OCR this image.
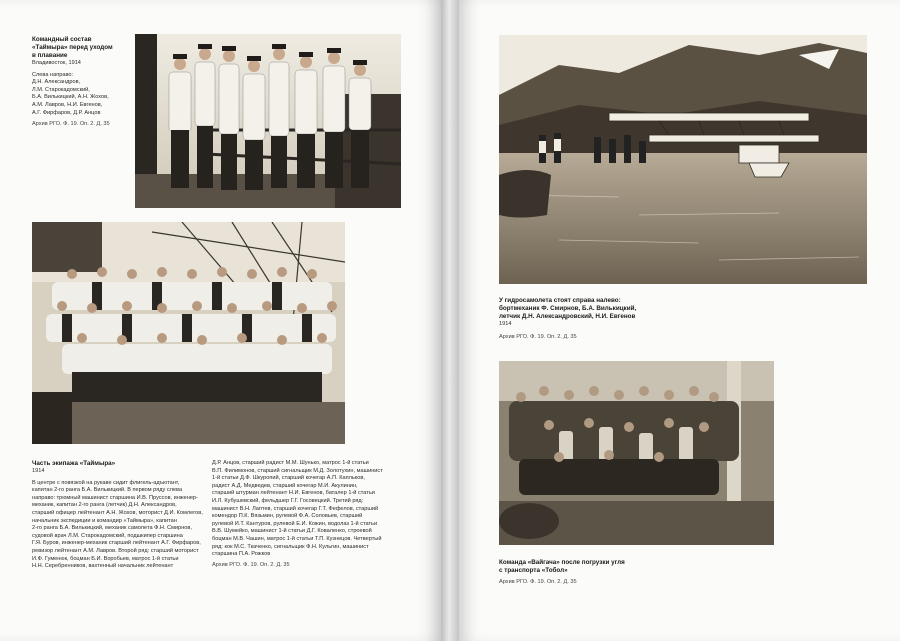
Командный состав
«Таймыра» перед уходом
в плавание
Владивосток, 1914
Слева направо:
Д.Н. Александров,
Л.М. Старокадомский,
Б.А. Вилькицкий, А.Н. Жохов,
А.М. Лавров, Н.И. Евгенов,
А.Г. Фирфаров, Д.Р. Анцов
Архив РГО. Ф. 19. Оп. 2. Д. 35
Часть экипажа «Таймыра»
1914
В центре с повязкой на рукаве сидит флигель-адъютант,
капитан 2-го ранга Б.А. Вилькицкий. В первом ряду слева
направо: трюмный машинист старшина И.В. Пруссов, инженер-
механик, капитан 2-го ранга (летчик) Д.Н. Александров,
старший офицер лейтенант А.Н. Жохов, моторист Д.И. Комлегов,
начальник экспедиции и командир «Таймыра», капитан
2-го ранга Б.А. Вилькицкий, механик самолета Ф.Н. Смирнов,
судовой врач Л.М. Старокадомский, подшкипер старшина
Г.Я. Буров, инженер-механик старший лейтенант А.Г. Фирфаров,
ревизор лейтенант А.М. Лавров. Второй ряд: старший моторист
И.Ф. Гуменюк, боцман Б.И. Воробьев, матрос 1-й статьи
Н.Н. Серебренников, вахтенный начальник лейтенант
Д.Р. Анцов, старший радист М.М. Шунько, матрос 1-й статьи
В.П. Филимонов, старший сигнальщик М.Д. Золотухин, машинист
1-й статьи Д.Ф. Шкуропий, старший кочегар А.П. Капльков,
радист А.Д. Медведев, старший кочегар М.И. Акулинин,
старший штурман лейтенант Н.И. Евгенов, баталер 1-й статьи
И.Л. Кубушевский, фельдшер Г.Г. Госовецкий. Третий ряд:
машинист В.Н. Лаптев, старший кочегар Г.Т. Фефелов, старший
комендор П.К. Вязьмин, рулевой Ф.А. Соловьев, старший
рулевой И.Т. Кантуров, рулевой Е.И. Кожин, водолаз 1-й статьи
В.В. Шумейко, машинист 1-й статьи Д.Г. Коваленко, строевой
боцман М.В. Чашин, матрос 1-й статьи Т.П. Кузнецов. Четвертый
ряд: кок М.С. Ткаченко, сигнальщик Ф.Н. Кульгин, машинист
старшина П.А. Рожков
Архив РГО. Ф. 19. Оп. 2. Д. 35
У гидросамолета стоят справа налево:
бортмеханик Ф. Смирнов, Б.А. Вилькицкий,
летчик Д.Н. Александровский, Н.И. Евгенов
1914
Архив РГО. Ф. 19. Оп. 2. Д. 35
Команда «Вайгача» после погрузки угля
с транспорта «Тобол»
Архив РГО. Ф. 19. Оп. 2. Д. 35
